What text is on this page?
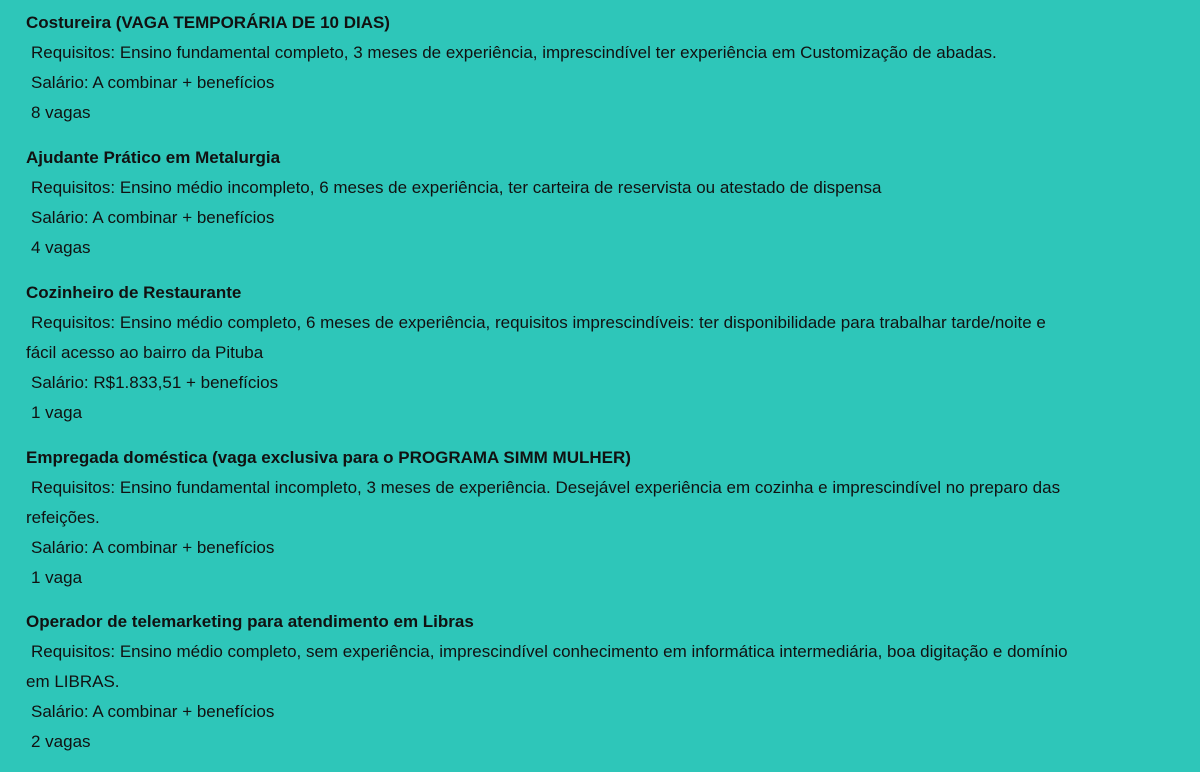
Costureira (VAGA TEMPORÁRIA DE 10 DIAS)
Requisitos: Ensino fundamental completo, 3 meses de experiência, imprescindível ter experiência em Customização de abadas.
Salário: A combinar + benefícios
8 vagas
Ajudante Prático em Metalurgia
Requisitos: Ensino médio incompleto, 6 meses de experiência, ter carteira de reservista ou atestado de dispensa
Salário: A combinar + benefícios
4 vagas
Cozinheiro de Restaurante
Requisitos: Ensino médio completo, 6 meses de experiência, requisitos imprescindíveis: ter disponibilidade para trabalhar tarde/noite e
fácil acesso ao bairro da Pituba
Salário: R$1.833,51 + benefícios
1 vaga
Empregada doméstica (vaga exclusiva para o PROGRAMA SIMM MULHER)
Requisitos: Ensino fundamental incompleto, 3 meses de experiência. Desejável experiência em cozinha e imprescindível no preparo das
refeições.
Salário: A combinar + benefícios
1 vaga
Operador de telemarketing para atendimento em Libras
Requisitos: Ensino médio completo, sem experiência, imprescindível conhecimento em informática intermediária, boa digitação e domínio
em LIBRAS.
Salário: A combinar + benefícios
2 vagas
